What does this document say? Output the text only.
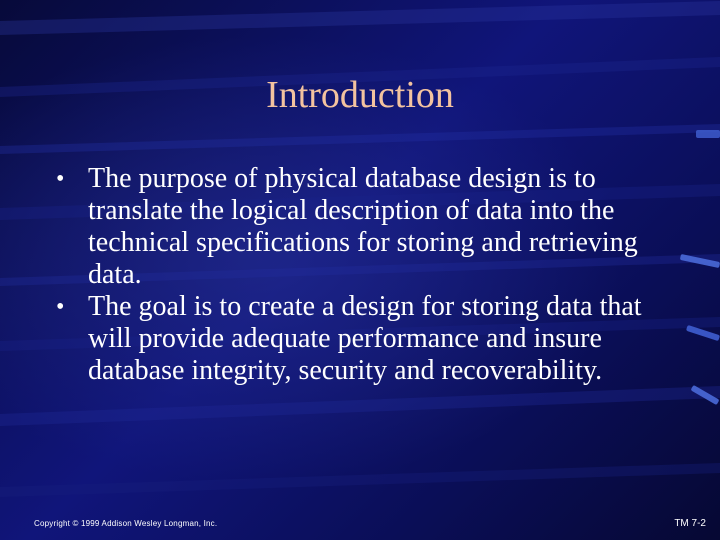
Introduction
• The purpose of physical database design is to translate the logical description of data into the technical specifications for storing and retrieving data.
• The goal is to create a design for storing data that will provide adequate performance and insure database integrity, security and recoverability.
Copyright © 1999 Addison Wesley Longman, Inc.	TM 7-2
